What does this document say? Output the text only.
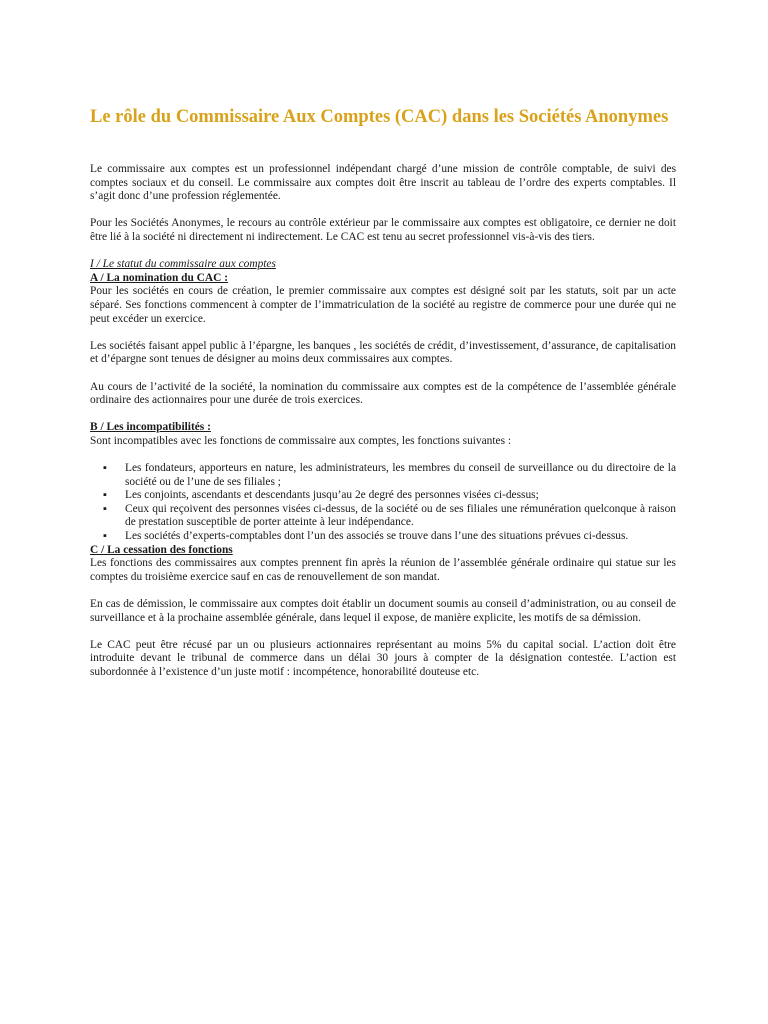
Le rôle du Commissaire Aux Comptes (CAC) dans les Sociétés Anonymes

Le commissaire aux comptes est un professionnel indépendant chargé d’une mission de contrôle comptable, de suivi des comptes sociaux et du conseil. Le commissaire aux comptes doit être inscrit au tableau de l’ordre des experts comptables. Il s’agit donc d’une profession réglementée.

Pour les Sociétés Anonymes, le recours au contrôle extérieur par le commissaire aux comptes est obligatoire, ce dernier ne doit être lié à la société ni directement ni indirectement. Le CAC est tenu au secret professionnel vis-à-vis des tiers.

I / Le statut du commissaire aux comptes
A / La nomination du CAC :

Pour les sociétés en cours de création, le premier commissaire aux comptes est désigné soit par les statuts, soit par un acte séparé. Ses fonctions commencent à compter de l’immatriculation de la société au registre de commerce pour une durée qui ne peut excéder un exercice.

Les sociétés faisant appel public à l’épargne, les banques , les sociétés de crédit, d’investissement, d’assurance, de capitalisation et d’épargne sont tenues de désigner au moins deux commissaires aux comptes.

Au cours de l’activité de la société, la nomination du commissaire aux comptes est de la compétence de l’assemblée générale ordinaire des actionnaires pour une durée de trois exercices.

B / Les incompatibilités :

Sont incompatibles avec les fonctions de commissaire aux comptes, les fonctions suivantes :

▪ Les fondateurs, apporteurs en nature, les administrateurs, les membres du conseil de surveillance ou du directoire de la société ou de l’une de ses filiales ;
▪ Les conjoints, ascendants et descendants jusqu’au 2e degré des personnes visées ci-dessus;
▪ Ceux qui reçoivent des personnes visées ci-dessus, de la société ou de ses filiales une rémunération quelconque à raison de prestation susceptible de porter atteinte à leur indépendance.
▪ Les sociétés d’experts-comptables dont l’un des associés se trouve dans l’une des situations prévues ci-dessus.
C / La cessation des fonctions

Les fonctions des commissaires aux comptes prennent fin après la réunion de l’assemblée générale ordinaire qui statue sur les comptes du troisième exercice sauf en cas de renouvellement de son mandat.

En cas de démission, le commissaire aux comptes doit établir un document soumis au conseil d’administration, ou au conseil de surveillance et à la prochaine assemblée générale, dans lequel il expose, de manière explicite, les motifs de sa démission.

Le CAC peut être récusé par un ou plusieurs actionnaires représentant au moins 5% du capital social. L’action doit être introduite devant le tribunal de commerce dans un délai 30 jours à compter de la désignation contestée. L’action est subordonnée à l’existence d’un juste motif : incompétence, honorabilité douteuse etc.
